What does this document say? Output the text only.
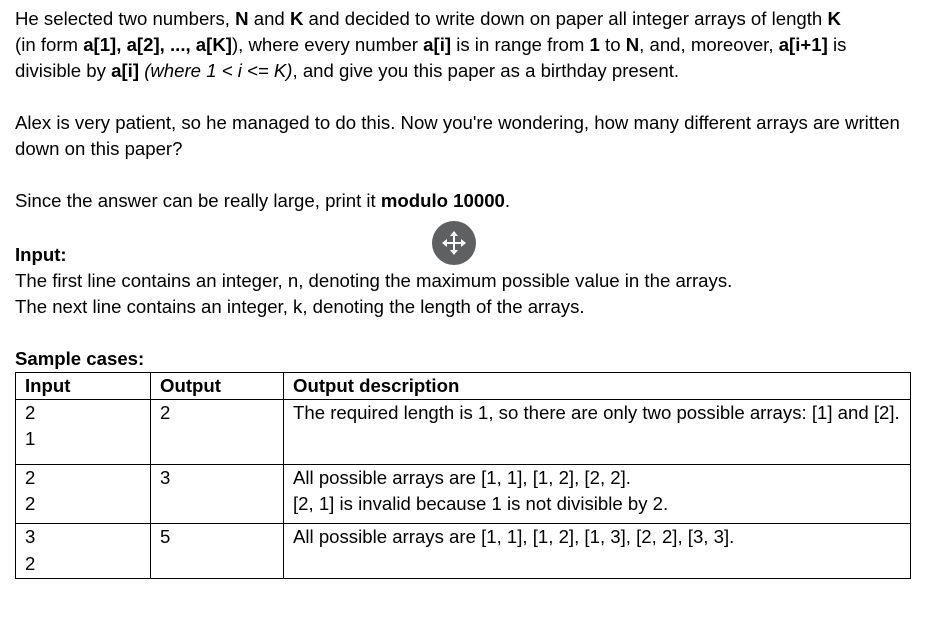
He selected two numbers, N and K and decided to write down on paper all integer arrays of length K
(in form a[1], a[2], ..., a[K]), where every number a[i] is in range from 1 to N, and, moreover, a[i+1] is
divisible by a[i] (where 1 < i <= K), and give you this paper as a birthday present.

Alex is very patient, so he managed to do this. Now you're wondering, how many different arrays are written down on this paper?

Since the answer can be really large, print it modulo 10000.

Input:

The first line contains an integer, n, denoting the maximum possible value in the arrays.

The next line contains an integer, k, denoting the length of the arrays.

Sample cases:

Input	Output	Output description

2
1	2	The required length is 1, so there are only two possible arrays: [1] and [2].

2
2	3	All possible arrays are [1, 1], [1, 2], [2, 2].
[2, 1] is invalid because 1 is not divisible by 2.

3
2	5	All possible arrays are [1, 1], [1, 2], [1, 3], [2, 2], [3, 3].
